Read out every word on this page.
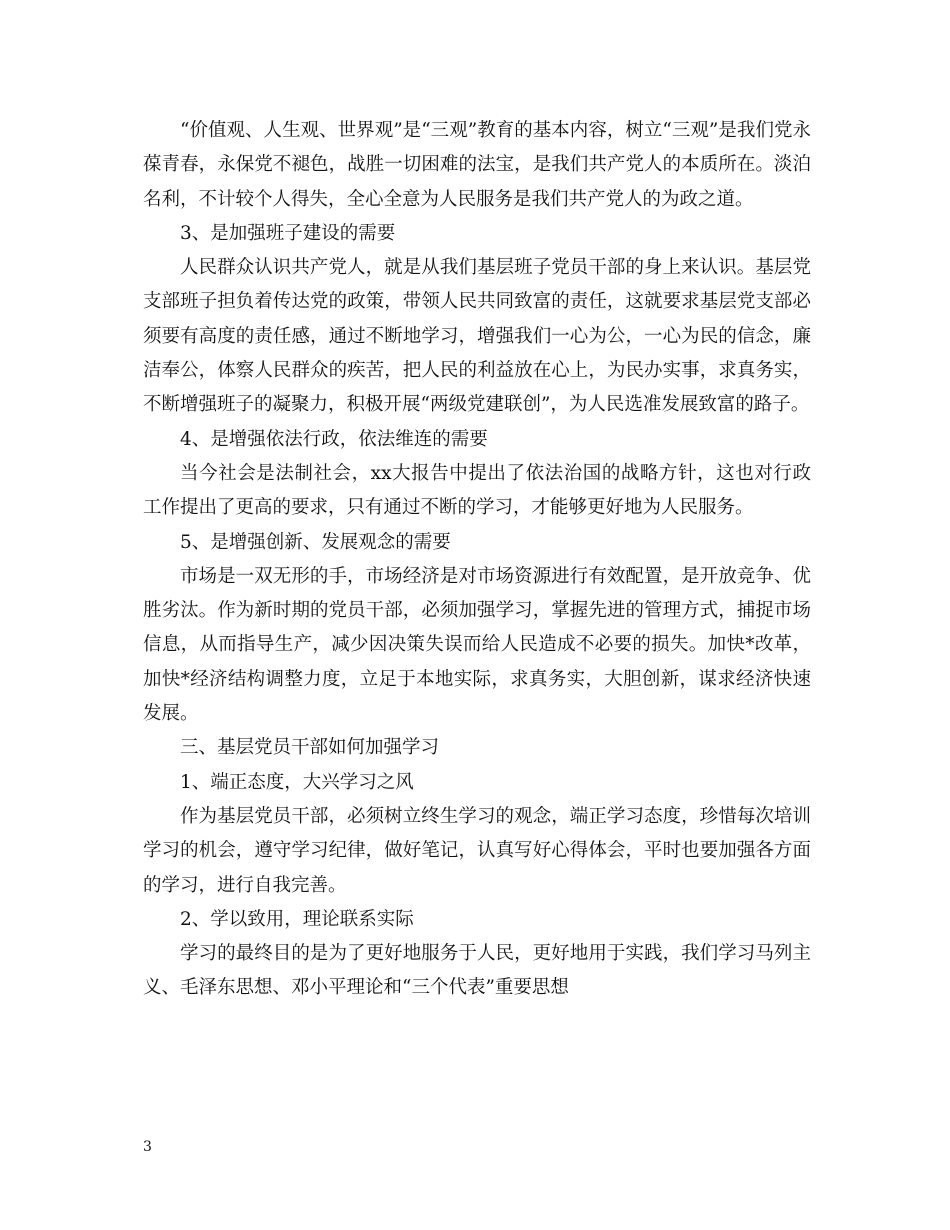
“价值观、人生观、世界观”是“三观”教育的基本内容，树立“三观”是我们党永葆青春，永保党不褪色，战胜一切困难的法宝，是我们共产党人的本质所在。淡泊名利，不计较个人得失，全心全意为人民服务是我们共产党人的为政之道。

3、是加强班子建设的需要

人民群众认识共产党人，就是从我们基层班子党员干部的身上来认识。基层党支部班子担负着传达党的政策，带领人民共同致富的责任，这就要求基层党支部必须要有高度的责任感，通过不断地学习，增强我们一心为公，一心为民的信念，廉洁奉公，体察人民群众的疾苦，把人民的利益放在心上，为民办实事，求真务实，不断增强班子的凝聚力，积极开展“两级党建联创”，为人民选准发展致富的路子。

4、是增强依法行政，依法维连的需要

当今社会是法制社会，xx大报告中提出了依法治国的战略方针，这也对行政工作提出了更高的要求，只有通过不断的学习，才能够更好地为人民服务。

5、是增强创新、发展观念的需要

市场是一双无形的手，市场经济是对市场资源进行有效配置，是开放竞争、优胜劣汰。作为新时期的党员干部，必须加强学习，掌握先进的管理方式，捕捉市场信息，从而指导生产，减少因决策失误而给人民造成不必要的损失。加快*改革，加快*经济结构调整力度，立足于本地实际，求真务实，大胆创新，谋求经济快速发展。

三、基层党员干部如何加强学习

1、端正态度，大兴学习之风

作为基层党员干部，必须树立终生学习的观念，端正学习态度，珍惜每次培训学习的机会，遵守学习纪律，做好笔记，认真写好心得体会，平时也要加强各方面的学习，进行自我完善。

2、学以致用，理论联系实际

学习的最终目的是为了更好地服务于人民，更好地用于实践，我们学习马列主义、毛泽东思想、邓小平理论和“三个代表”重要思想

3
